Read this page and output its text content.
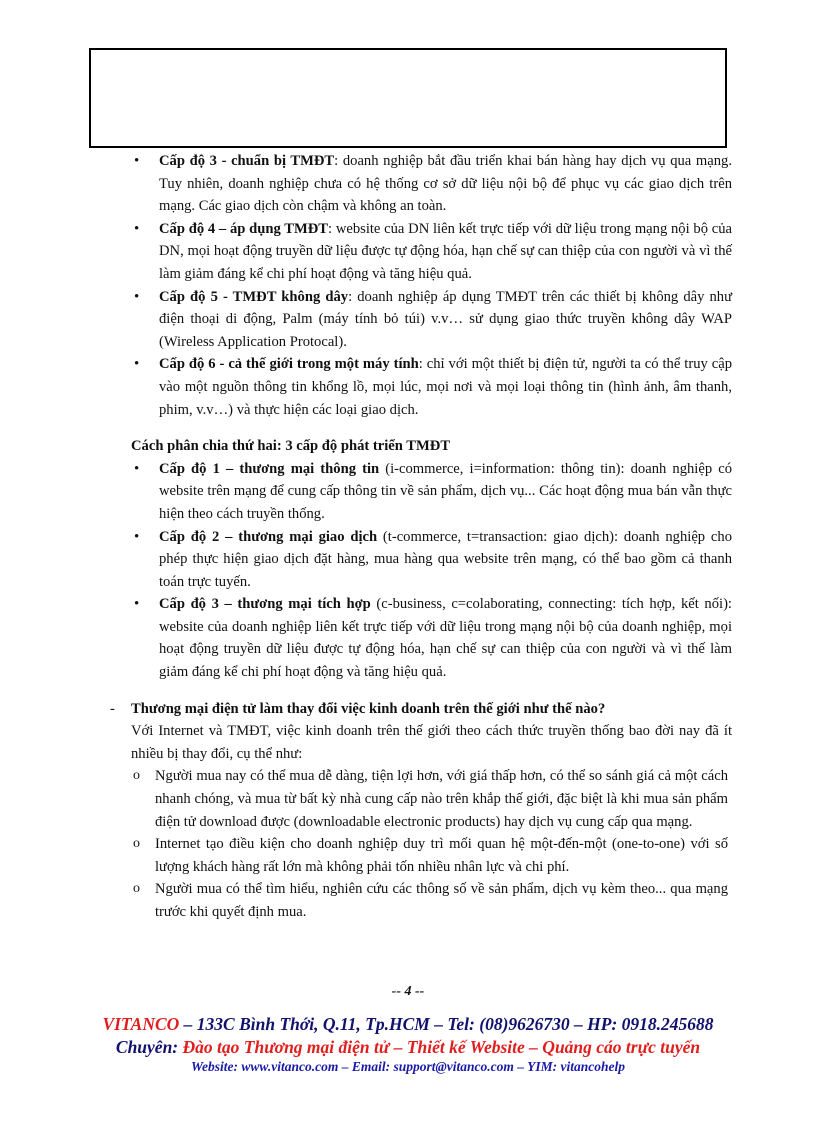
• Cấp độ 3 - chuẩn bị TMĐT: doanh nghiệp bắt đầu triển khai bán hàng hay dịch vụ qua mạng. Tuy nhiên, doanh nghiệp chưa có hệ thống cơ sở dữ liệu nội bộ để phục vụ các giao dịch trên mạng. Các giao dịch còn chậm và không an toàn.
• Cấp độ 4 – áp dụng TMĐT: website của DN liên kết trực tiếp với dữ liệu trong mạng nội bộ của DN, mọi hoạt động truyền dữ liệu được tự động hóa, hạn chế sự can thiệp của con người và vì thế làm giảm đáng kể chi phí hoạt động và tăng hiệu quả.
• Cấp độ 5 - TMĐT không dây: doanh nghiệp áp dụng TMĐT trên các thiết bị không dây như điện thoại di động, Palm (máy tính bỏ túi) v.v… sử dụng giao thức truyền không dây WAP (Wireless Application Protocal).
• Cấp độ 6 - cả thế giới trong một máy tính: chỉ với một thiết bị điện tử, người ta có thể truy cập vào một nguồn thông tin khổng lồ, mọi lúc, mọi nơi và mọi loại thông tin (hình ảnh, âm thanh, phim, v.v…) và thực hiện các loại giao dịch.
Cách phân chia thứ hai: 3 cấp độ phát triển TMĐT
• Cấp độ 1 – thương mại thông tin (i-commerce, i=information: thông tin): doanh nghiệp có website trên mạng để cung cấp thông tin về sản phẩm, dịch vụ... Các hoạt động mua bán vẫn thực hiện theo cách truyền thống.
• Cấp độ 2 – thương mại giao dịch (t-commerce, t=transaction: giao dịch): doanh nghiệp cho phép thực hiện giao dịch đặt hàng, mua hàng qua website trên mạng, có thể bao gồm cả thanh toán trực tuyến.
• Cấp độ 3 – thương mại tích hợp (c-business, c=colaborating, connecting: tích hợp, kết nối): website của doanh nghiệp liên kết trực tiếp với dữ liệu trong mạng nội bộ của doanh nghiệp, mọi hoạt động truyền dữ liệu được tự động hóa, hạn chế sự can thiệp của con người và vì thế làm giảm đáng kể chi phí hoạt động và tăng hiệu quả.
-	Thương mại điện tử làm thay đổi việc kinh doanh trên thế giới như thế nào?
Với Internet và TMĐT, việc kinh doanh trên thế giới theo cách thức truyền thống bao đời nay đã ít nhiều bị thay đổi, cụ thể như:
o Người mua nay có thể mua dễ dàng, tiện lợi hơn, với giá thấp hơn, có thể so sánh giá cả một cách nhanh chóng, và mua từ bất kỳ nhà cung cấp nào trên khắp thế giới, đặc biệt là khi mua sản phẩm điện tử download được (downloadable electronic products) hay dịch vụ cung cấp qua mạng.
o Internet tạo điều kiện cho doanh nghiệp duy trì mối quan hệ một-đến-một (one-to-one) với số lượng khách hàng rất lớn mà không phải tốn nhiều nhân lực và chi phí.
o Người mua có thể tìm hiểu, nghiên cứu các thông số về sản phẩm, dịch vụ kèm theo... qua mạng trước khi quyết định mua.
-- 4 --
VITANCO – 133C Bình Thới, Q.11, Tp.HCM – Tel: (08)9626730 – HP: 0918.245688
Chuyên: Đào tạo Thương mại điện tử – Thiết kế Website – Quảng cáo trực tuyến
Website: www.vitanco.com – Email: support@vitanco.com – YIM: vitancohelp
